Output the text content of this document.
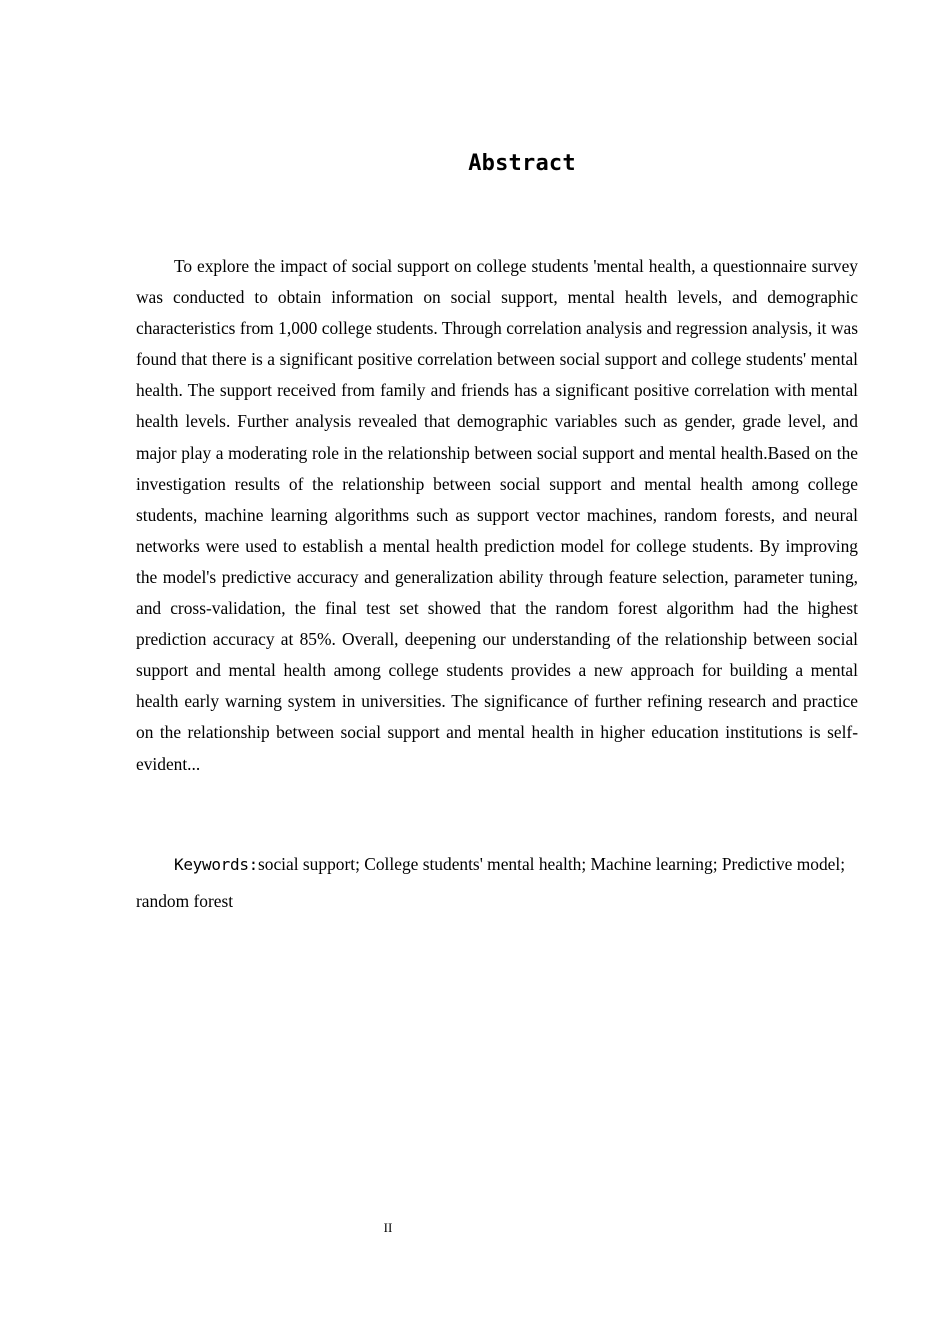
Abstract

To explore the impact of social support on college students 'mental health, a questionnaire survey was conducted to obtain information on social support, mental health levels, and demographic characteristics from 1,000 college students. Through correlation analysis and regression analysis, it was found that there is a significant positive correlation between social support and college students' mental health. The support received from family and friends has a significant positive correlation with mental health levels. Further analysis revealed that demographic variables such as gender, grade level, and major play a moderating role in the relationship between social support and mental health.Based on the investigation results of the relationship between social support and mental health among college students, machine learning algorithms such as support vector machines, random forests, and neural networks were used to establish a mental health prediction model for college students. By improving the model's predictive accuracy and generalization ability through feature selection, parameter tuning, and cross-validation, the final test set showed that the random forest algorithm had the highest prediction accuracy at 85%. Overall, deepening our understanding of the relationship between social support and mental health among college students provides a new approach for building a mental health early warning system in universities. The significance of further refining research and practice on the relationship between social support and mental health in higher education institutions is self-evident...

Keywords:social support; College students' mental health; Machine learning; Predictive model; random forest

II
